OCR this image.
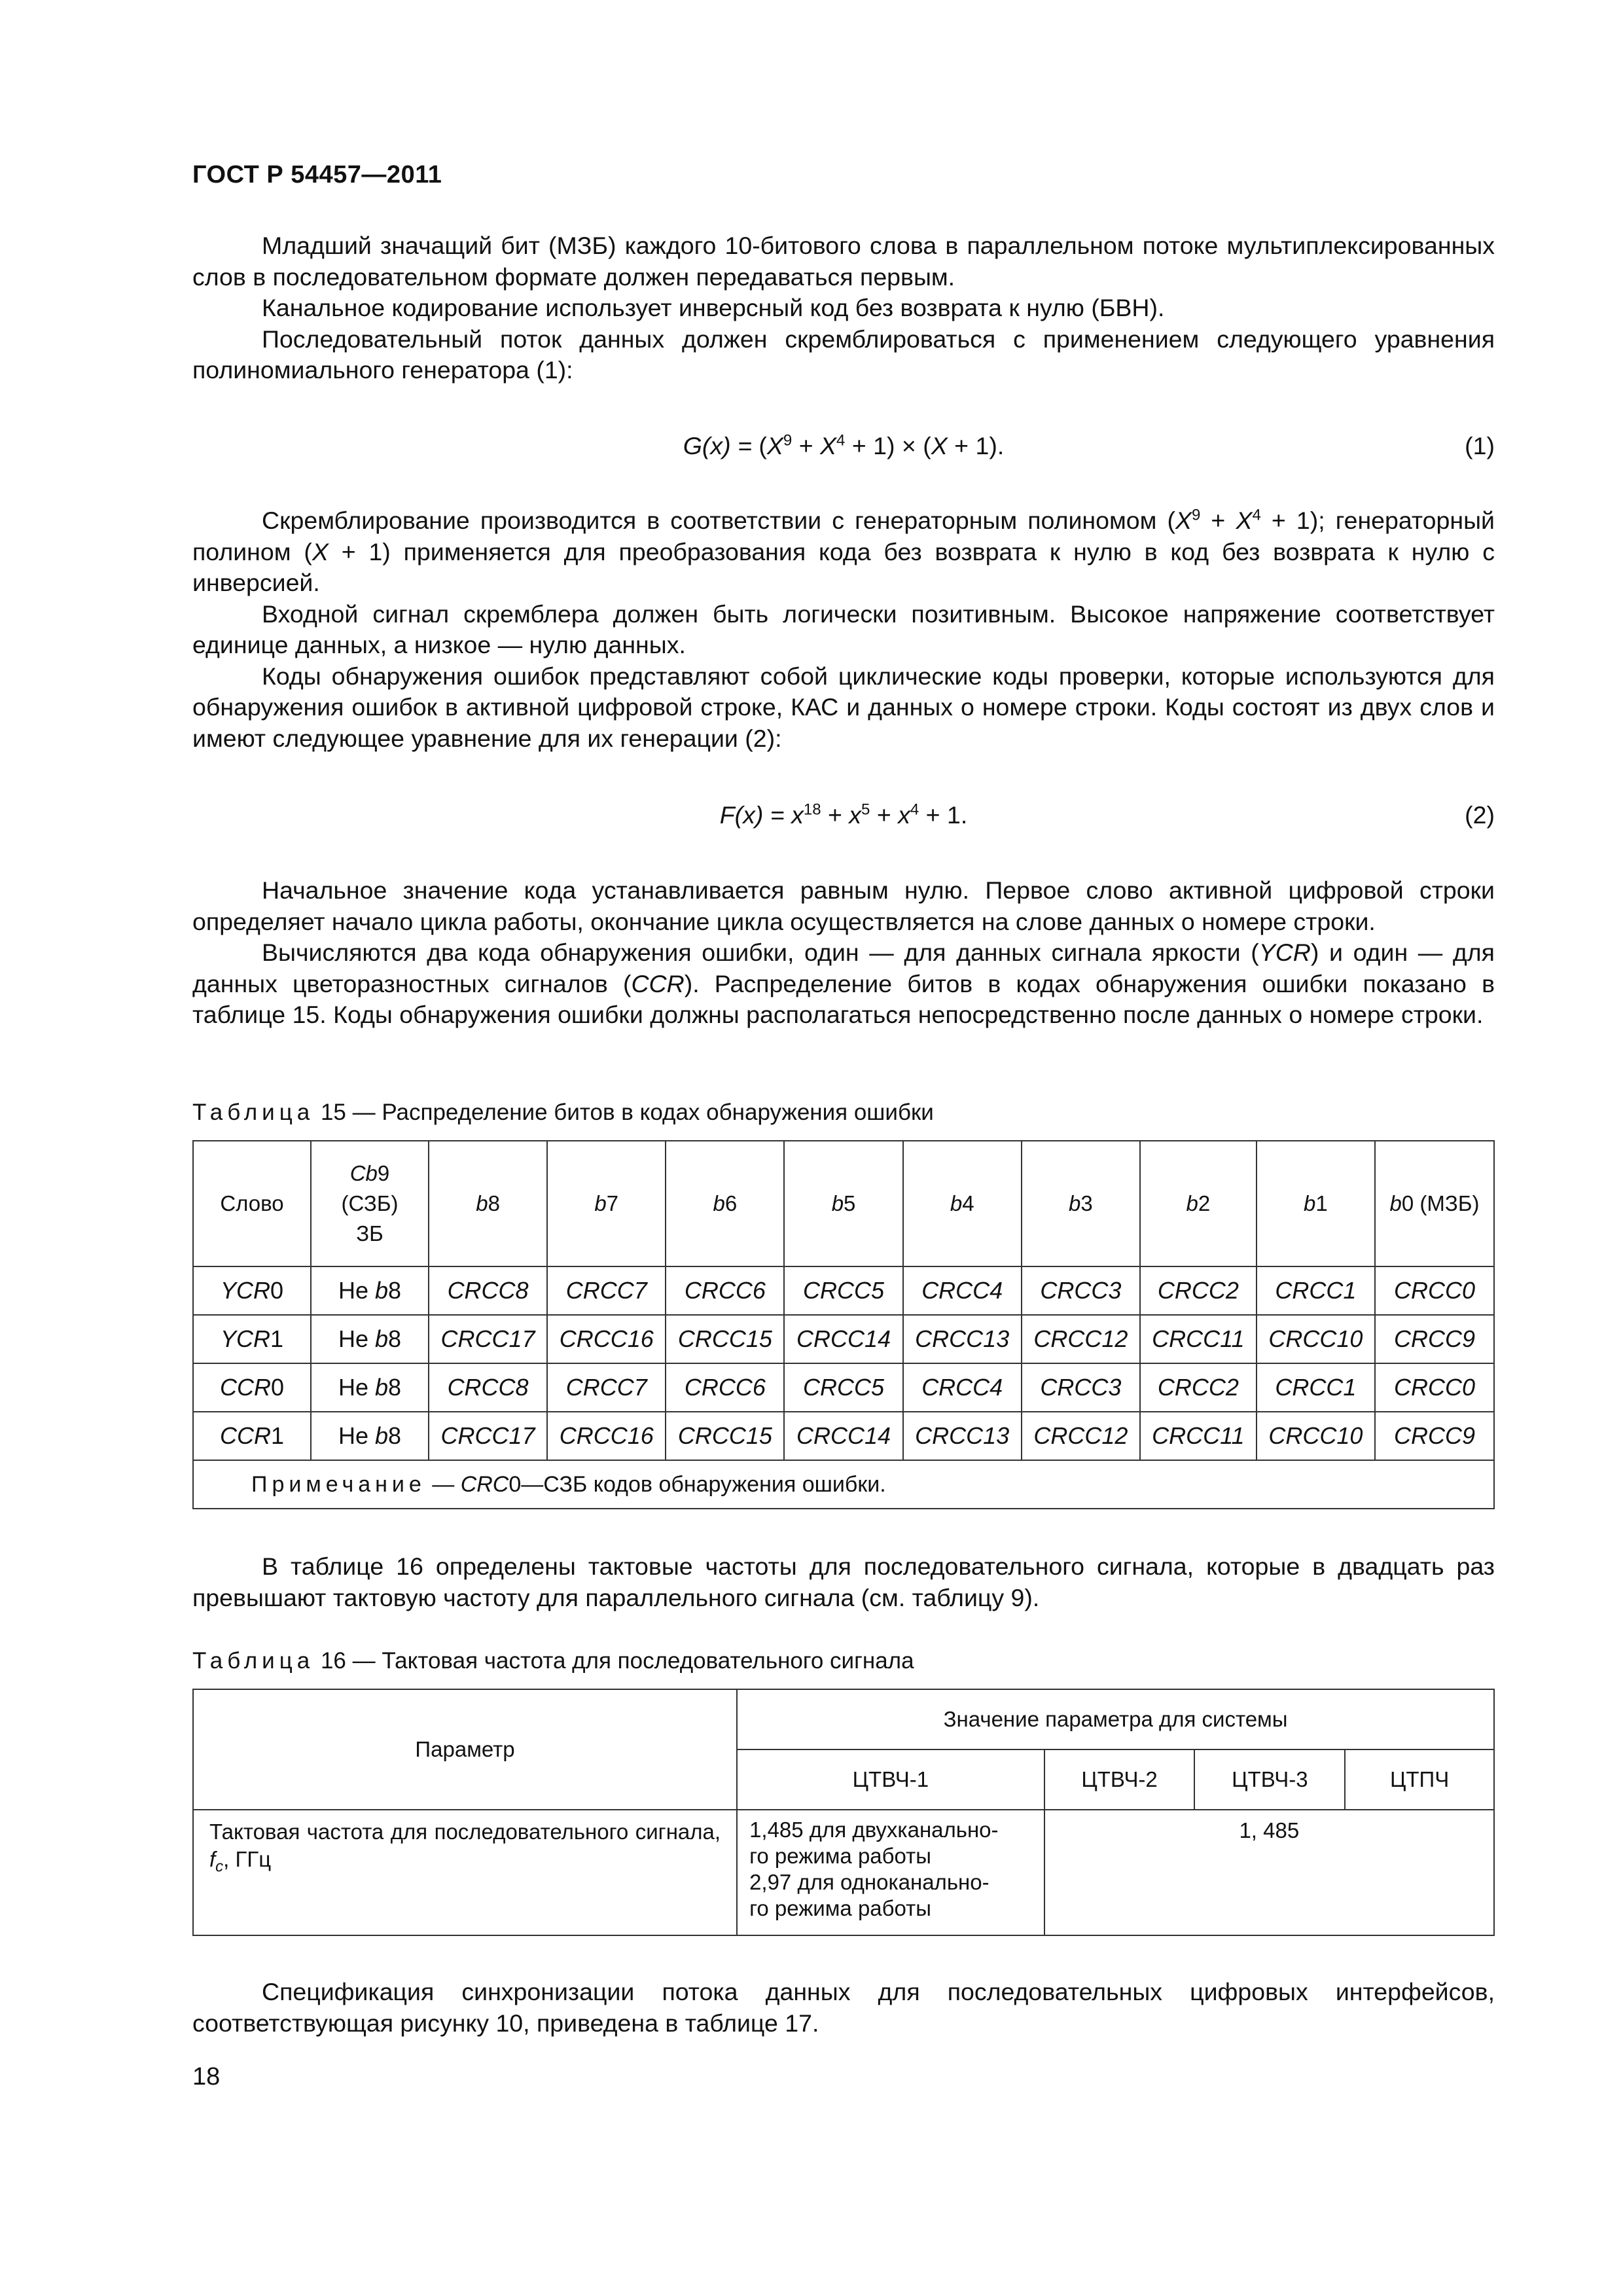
ГОСТ Р 54457—2011

Младший значащий бит (МЗБ) каждого 10-битового слова в параллельном потоке мультиплексированных слов в последовательном формате должен передаваться первым.

Канальное кодирование использует инверсный код без возврата к нулю (БВН).

Последовательный поток данных должен скремблироваться с применением следующего уравнения полиномиального генератора (1):

$G(x) = (X^9 + X^4 + 1) \times (X + 1)$.	(1)

Скремблирование производится в соответствии с генераторным полиномом $(X^9 + X^4 + 1)$; генераторный полином (X + 1) применяется для преобразования кода без возврата к нулю в код без возврата к нулю с инверсией.

Входной сигнал скремблера должен быть логически позитивным. Высокое напряжение соответствует единице данных, а низкое — нулю данных.

Коды обнаружения ошибок представляют собой циклические коды проверки, которые используются для обнаружения ошибок в активной цифровой строке, КАС и данных о номере строки. Коды состоят из двух слов и имеют следующее уравнение для их генерации (2):

$F(x) = x^{18} + x^5 + x^4 + 1$.	(2)

Начальное значение кода устанавливается равным нулю. Первое слово активной цифровой строки определяет начало цикла работы, окончание цикла осуществляется на слове данных о номере строки.

Вычисляются два кода обнаружения ошибки, один — для данных сигнала яркости (YCR) и один — для данных цветоразностных сигналов (CCR). Распределение битов в кодах обнаружения ошибки показано в таблице 15. Коды обнаружения ошибки должны располагаться непосредственно после данных о номере строки.

Таблица 15 — Распределение битов в кодах обнаружения ошибки
Слово	Cb9
(СЗБ)
ЗБ	b8	b7	b6	b5	b4	b3	b2	b1	b0 (МЗБ)
YCR0	Не b8	CRCC8	CRCC7	CRCC6	CRCC5	CRCC4	CRCC3	CRCC2	CRCC1	CRCC0
YCR1	Не b8	CRCC17	CRCC16	CRCC15	CRCC14	CRCC13	CRCC12	CRCC11	CRCC10	CRCC9
CCR0	Не b8	CRCC8	CRCC7	CRCC6	CRCC5	CRCC4	CRCC3	CRCC2	CRCC1	CRCC0
CCR1	Не b8	CRCC17	CRCC16	CRCC15	CRCC14	CRCC13	CRCC12	CRCC11	CRCC10	CRCC9
Примечание — CRC0—СЗБ кодов обнаружения ошибки.										

В таблице 16 определены тактовые частоты для последовательного сигнала, которые в двадцать раз превышают тактовую частоту для параллельного сигнала (см. таблицу 9).

Таблица 16 — Тактовая частота для последовательного сигнала
Параметр	Значение параметра для системы			
	ЦТВЧ-1	ЦТВЧ-2	ЦТВЧ-3	ЦТПЧ
Тактовая частота для последовательного сигнала, $f_c$, ГГц	1,485 для двухканально-
го режима работы
2,97 для одноканально-
го режима работы	1, 485		

Спецификация синхронизации потока данных для последовательных цифровых интерфейсов, соответствующая рисунку 10, приведена в таблице 17.

18
